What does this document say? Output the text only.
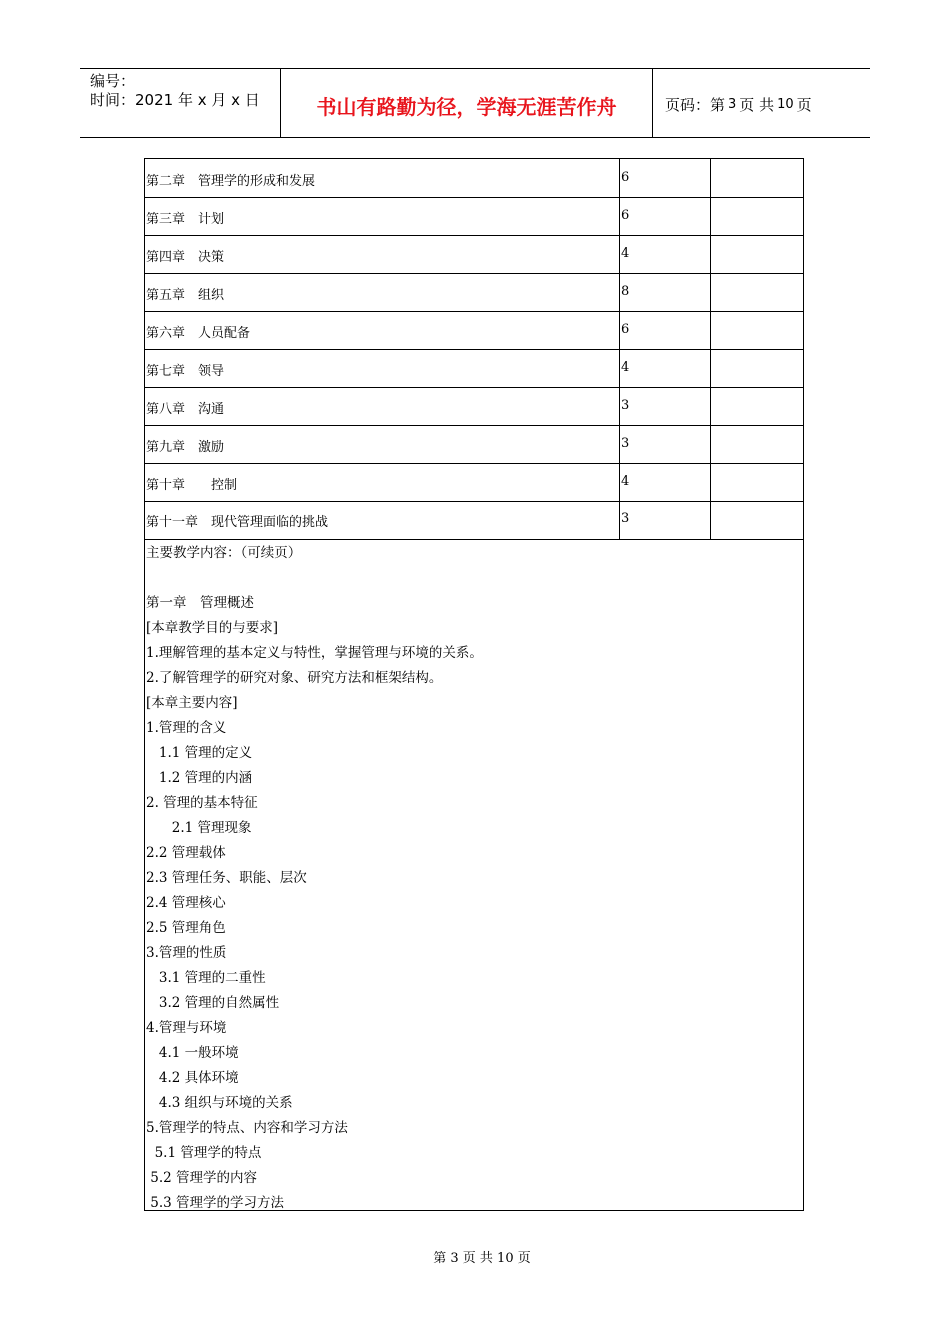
编号：
时间：2021 年 x 月 x 日	书山有路勤为径，学海无涯苦作舟	页码：第 3 页 共 10 页
第二章　管理学的形成和发展	6
第三章　计划	6
第四章　决策	4
第五章　组织	8
第六章　人员配备	6
第七章　领导	4
第八章　沟通	3
第九章　激励	3
第十章　　控制	4
第十一章　现代管理面临的挑战	3
主要教学内容：（可续页）

第一章　管理概述
[本章教学目的与要求]
1.理解管理的基本定义与特性，掌握管理与环境的关系。
2.了解管理学的研究对象、研究方法和框架结构。
[本章主要内容]
1.管理的含义
1.1 管理的定义
1.2 管理的内涵
2. 管理的基本特征
2.1 管理现象
2.2 管理载体
2.3 管理任务、职能、层次
2.4 管理核心
2.5 管理角色
3.管理的性质
3.1 管理的二重性
3.2 管理的自然属性
4.管理与环境
4.1 一般环境
4.2 具体环境
4.3 组织与环境的关系
5.管理学的特点、内容和学习方法
5.1 管理学的特点
5.2 管理学的内容
5.3 管理学的学习方法
第 3 页 共 10 页
